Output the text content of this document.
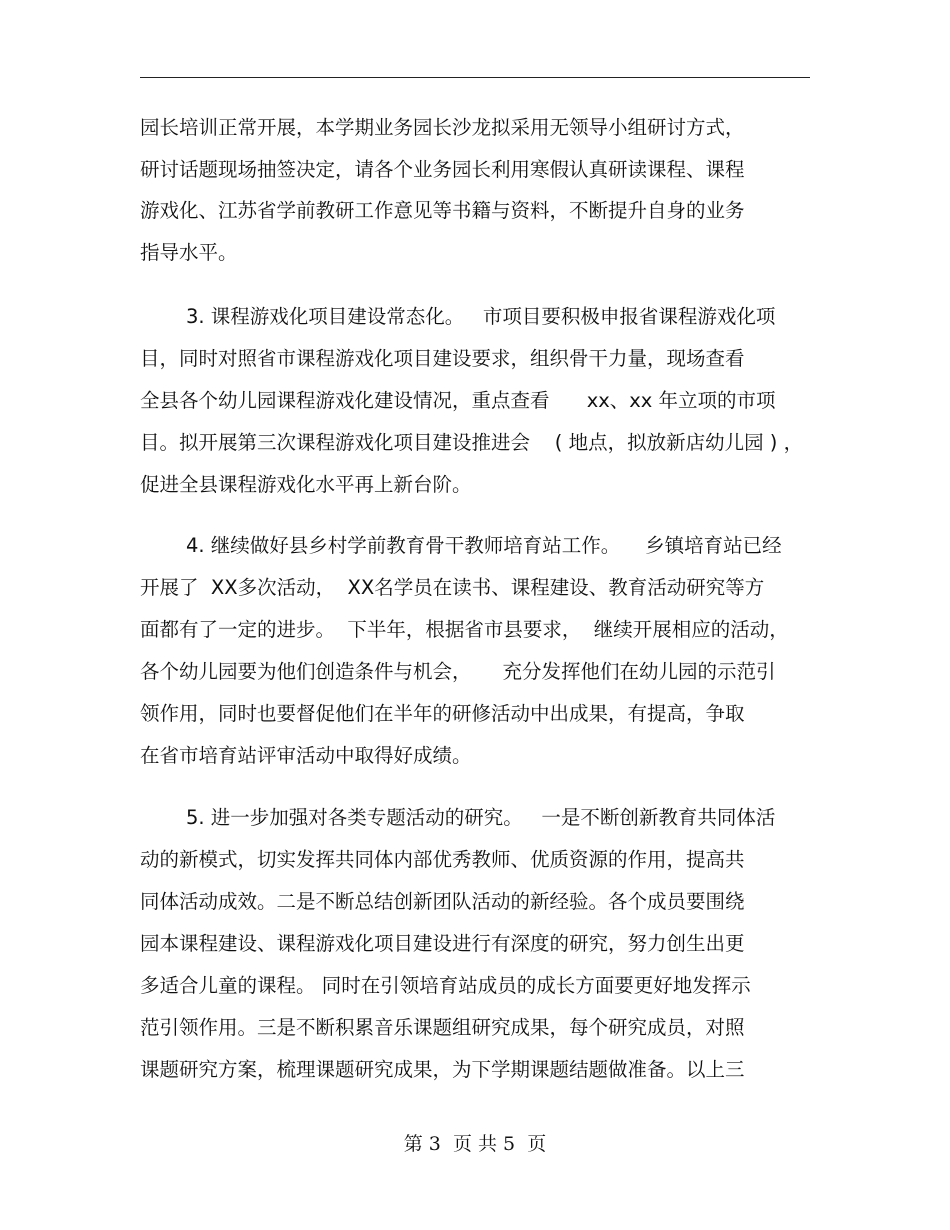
园长培训正常开展，本学期业务园长沙龙拟采用无领导小组研讨方式，
研讨话题现场抽签决定，请各个业务园长利用寒假认真研读课程、课程
游戏化、江苏省学前教研工作意见等书籍与资料，不断提升自身的业务
指导水平。
3. 课程游戏化项目建设常态化。   市项目要积极申报省课程游戏化项
目，同时对照省市课程游戏化项目建设要求，组织骨干力量，现场查看
全县各个幼儿园课程游戏化建设情况，重点查看      xx、xx 年立项的市项
目。拟开展第三次课程游戏化项目建设推进会    ( 地点，拟放新店幼儿园 ) ，
促进全县课程游戏化水平再上新台阶。
4. 继续做好县乡村学前教育骨干教师培育站工作。    乡镇培育站已经
开展了  XX多次活动，  XX名学员在读书、课程建设、教育活动研究等方
面都有了一定的进步。  下半年，根据省市县要求，  继续开展相应的活动，
各个幼儿园要为他们创造条件与机会，     充分发挥他们在幼儿园的示范引
领作用，同时也要督促他们在半年的研修活动中出成果，有提高，争取
在省市培育站评审活动中取得好成绩。
5. 进一步加强对各类专题活动的研究。   一是不断创新教育共同体活
动的新模式，切实发挥共同体内部优秀教师、优质资源的作用，提高共
同体活动成效。二是不断总结创新团队活动的新经验。各个成员要围绕
园本课程建设、课程游戏化项目建设进行有深度的研究，努力创生出更
多适合儿童的课程。 同时在引领培育站成员的成长方面要更好地发挥示
范引领作用。三是不断积累音乐课题组研究成果，每个研究成员，对照
课题研究方案，梳理课题研究成果，为下学期课题结题做准备。以上三
第 3  页 共 5  页
